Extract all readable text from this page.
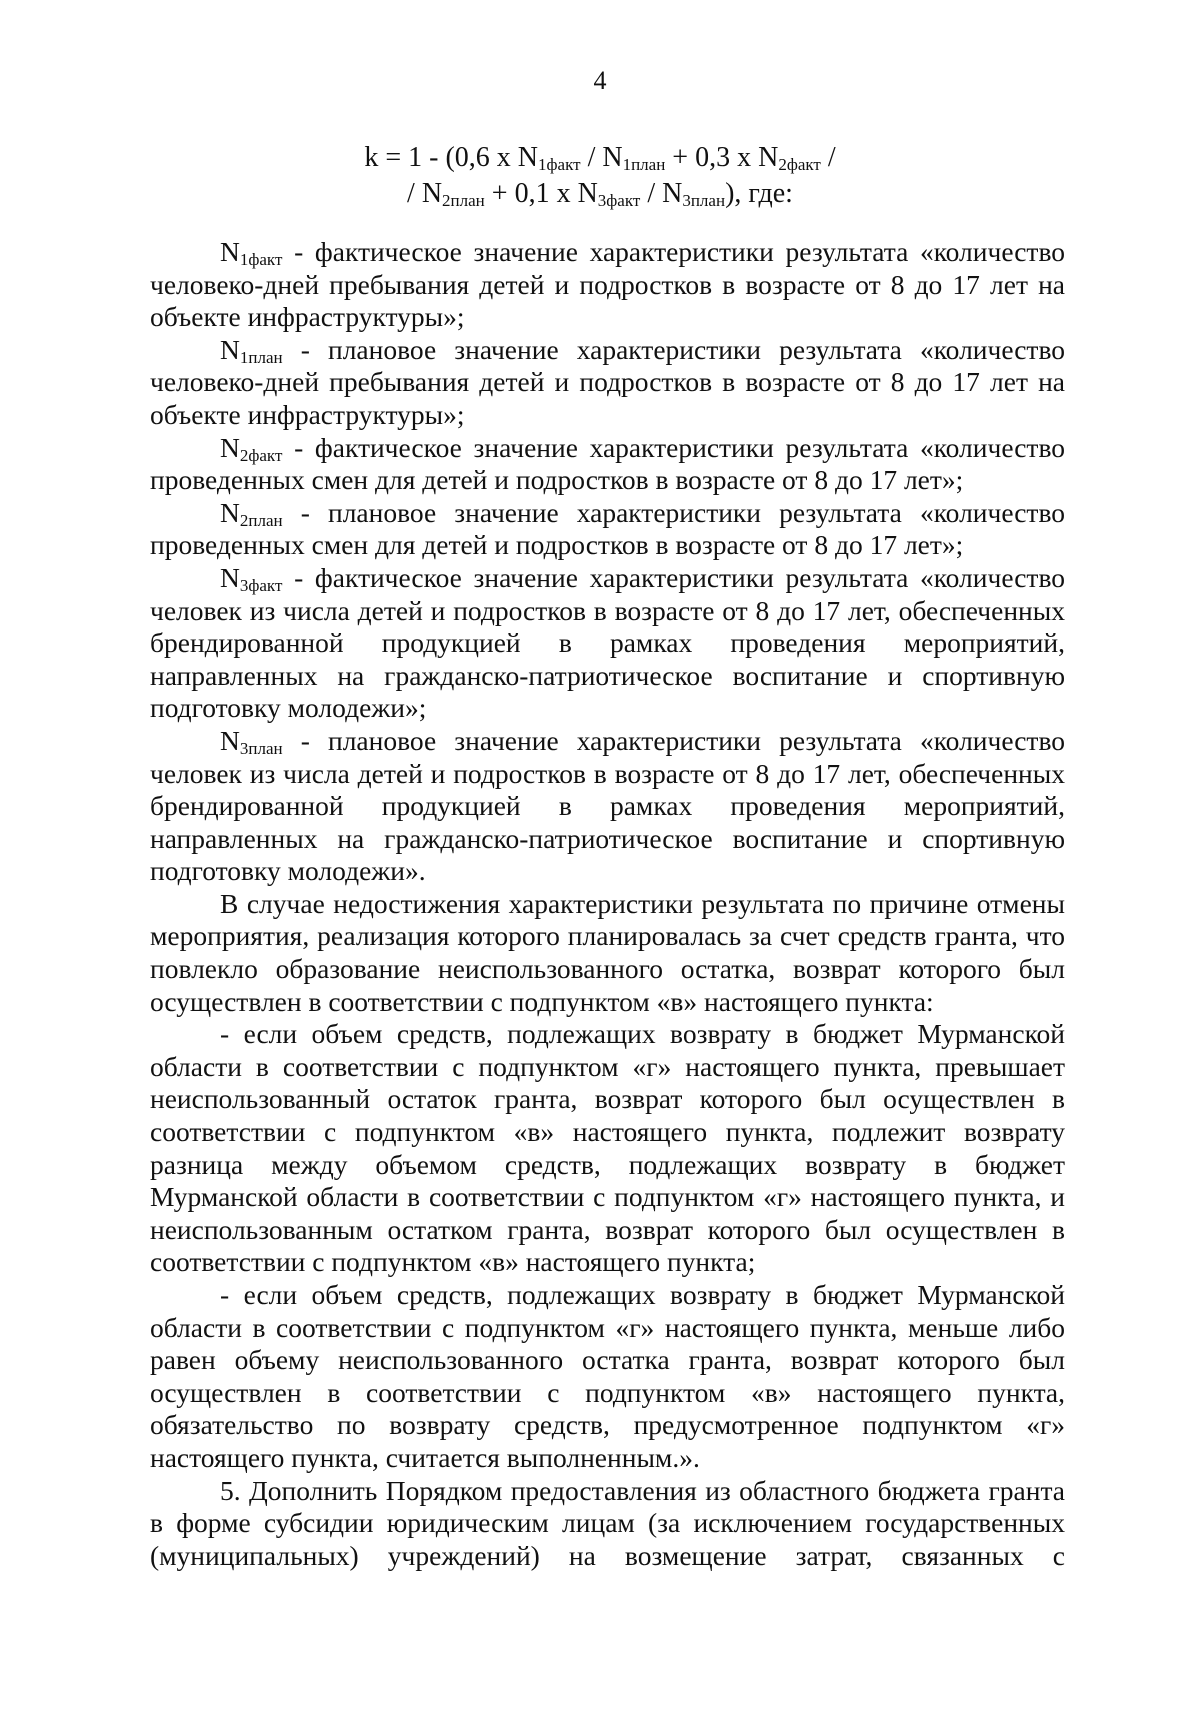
4
k = 1 - (0,6 x $N_{1факт} / N_{1план} + 0,3$ x $N_{2факт}$ /
/ $N_{2план} + 0,1$ x $N_{3факт} / N_{3план}$), где:

$N_{1факт}$ - фактическое значение характеристики результата «количество человеко-дней пребывания детей и подростков в возрасте от 8 до 17 лет на объекте инфраструктуры»;

$N_{1план}$ - плановое значение характеристики результата «количество человеко-дней пребывания детей и подростков в возрасте от 8 до 17 лет на объекте инфраструктуры»;

$N_{2факт}$ - фактическое значение характеристики результата «количество проведенных смен для детей и подростков в возрасте от 8 до 17 лет»;

$N_{2план}$ - плановое значение характеристики результата «количество проведенных смен для детей и подростков в возрасте от 8 до 17 лет»;

$N_{3факт}$ - фактическое значение характеристики результата «количество человек из числа детей и подростков в возрасте от 8 до 17 лет, обеспеченных брендированной продукцией в рамках проведения мероприятий, направленных на гражданско-патриотическое воспитание и спортивную подготовку молодежи»;

$N_{3план}$ - плановое значение характеристики результата «количество человек из числа детей и подростков в возрасте от 8 до 17 лет, обеспеченных брендированной продукцией в рамках проведения мероприятий, направленных на гражданско-патриотическое воспитание и спортивную подготовку молодежи».

В случае недостижения характеристики результата по причине отмены мероприятия, реализация которого планировалась за счет средств гранта, что повлекло образование неиспользованного остатка, возврат которого был осуществлен в соответствии с подпунктом «в» настоящего пункта:

- если объем средств, подлежащих возврату в бюджет Мурманской области в соответствии с подпунктом «г» настоящего пункта, превышает неиспользованный остаток гранта, возврат которого был осуществлен в соответствии с подпунктом «в» настоящего пункта, подлежит возврату разница между объемом средств, подлежащих возврату в бюджет Мурманской области в соответствии с подпунктом «г» настоящего пункта, и неиспользованным остатком гранта, возврат которого был осуществлен в соответствии с подпунктом «в» настоящего пункта;

- если объем средств, подлежащих возврату в бюджет Мурманской области в соответствии с подпунктом «г» настоящего пункта, меньше либо равен объему неиспользованного остатка гранта, возврат которого был осуществлен в соответствии с подпунктом «в» настоящего пункта, обязательство по возврату средств, предусмотренное подпунктом «г» настоящего пункта, считается выполненным.».

5. Дополнить Порядком предоставления из областного бюджета гранта в форме субсидии юридическим лицам (за исключением государственных (муниципальных) учреждений) на возмещение затрат, связанных с
